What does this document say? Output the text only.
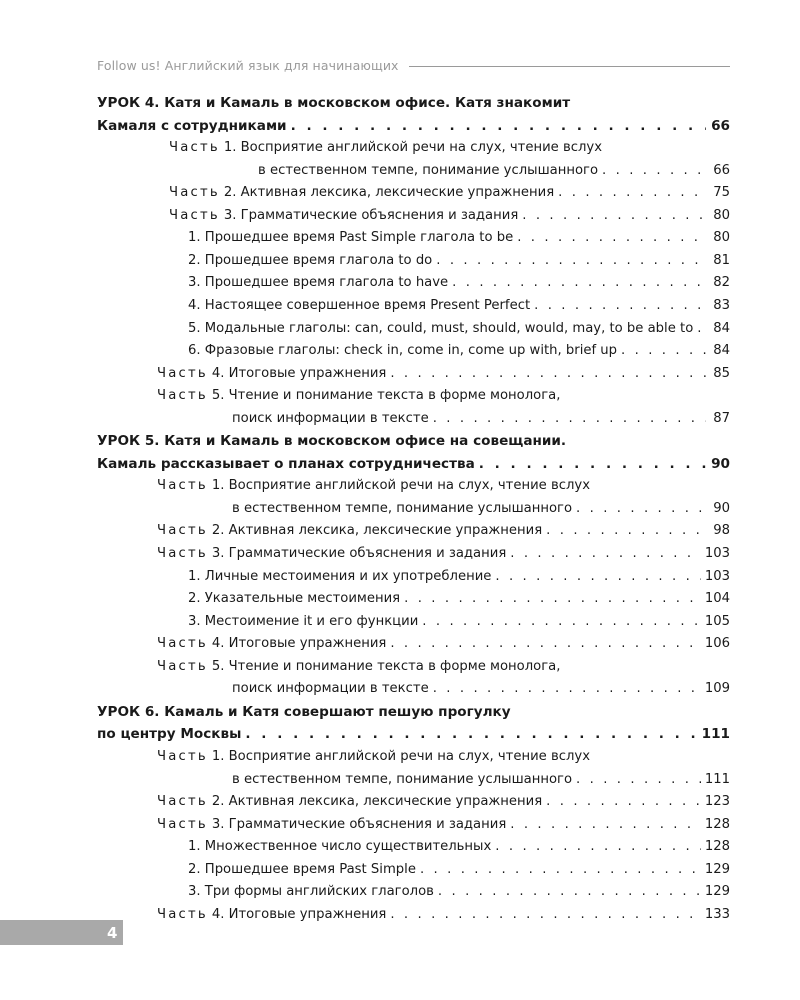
Follow us! Английский язык для начинающих
УРОК 4. Катя и Камаль в московском офисе. Катя знакомит
Камаля с сотрудниками . . .	66
Часть 1. Восприятие английской речи на слух, чтение вслух
в естественном темпе, понимание услышанного . . .	66
Часть 2. Активная лексика, лексические упражнения . . .	75
Часть 3. Грамматические объяснения и задания . . .	80
1. Прошедшее время Past Simple глагола to be . . .	80
2. Прошедшее время глагола to do . . .	81
3. Прошедшее время глагола to have . . .	82
4. Настоящее совершенное время Present Perfect . . .	83
5. Модальные глаголы: can, could, must, should, would, may, to be able to . . . 84
6. Фразовые глаголы: check in, come in, come up with, brief up . . .	84
Часть 4. Итоговые упражнения . . .	85
Часть 5. Чтение и понимание текста в форме монолога,
поиск информации в тексте . . .	87
УРОК 5. Катя и Камаль в московском офисе на совещании.
Камаль рассказывает о планах сотрудничества . . .	90
Часть 1. Восприятие английской речи на слух, чтение вслух
в естественном темпе, понимание услышанного . . .	90
Часть 2. Активная лексика, лексические упражнения . . .	98
Часть 3. Грамматические объяснения и задания . . .	103
1. Личные местоимения и их употребление . . .	103
2. Указательные местоимения . . .	104
3. Местоимение it и его функции . . .	105
Часть 4. Итоговые упражнения . . .	106
Часть 5. Чтение и понимание текста в форме монолога,
поиск информации в тексте . . .	109
УРОК 6. Камаль и Катя совершают пешую прогулку
по центру Москвы . . .	111
Часть 1. Восприятие английской речи на слух, чтение вслух
в естественном темпе, понимание услышанного . . .	111
Часть 2. Активная лексика, лексические упражнения . . .	123
Часть 3. Грамматические объяснения и задания . . .	128
1. Множественное число существительных . . .	128
2. Прошедшее время Past Simple . . .	129
3. Три формы английских глаголов . . .	129
Часть 4. Итоговые упражнения . . .	133
4
